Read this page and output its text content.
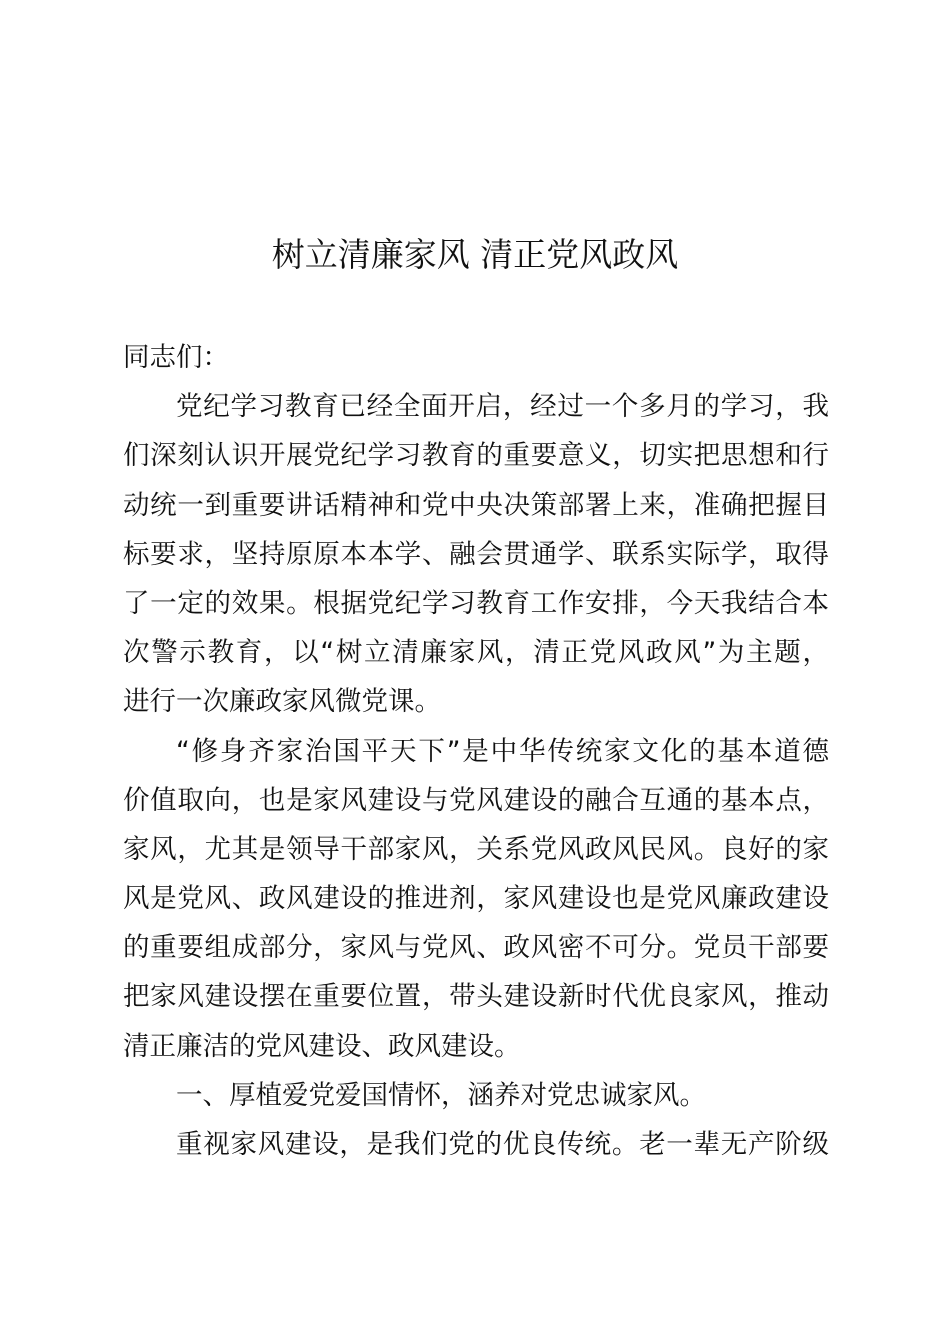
树立清廉家风 清正党风政风
同志们：
党纪学习教育已经全面开启，经过一个多月的学习，我
们深刻认识开展党纪学习教育的重要意义，切实把思想和行
动统一到重要讲话精神和党中央决策部署上来，准确把握目
标要求，坚持原原本本学、融会贯通学、联系实际学，取得
了一定的效果。根据党纪学习教育工作安排，今天我结合本
次警示教育，以“树立清廉家风，清正党风政风”为主题，
进行一次廉政家风微党课。
“修身齐家治国平天下”是中华传统家文化的基本道德
价值取向，也是家风建设与党风建设的融合互通的基本点，
家风，尤其是领导干部家风，关系党风政风民风。良好的家
风是党风、政风建设的推进剂，家风建设也是党风廉政建设
的重要组成部分，家风与党风、政风密不可分。党员干部要
把家风建设摆在重要位置，带头建设新时代优良家风，推动
清正廉洁的党风建设、政风建设。
一、厚植爱党爱国情怀，涵养对党忠诚家风。
重视家风建设，是我们党的优良传统。老一辈无产阶级
